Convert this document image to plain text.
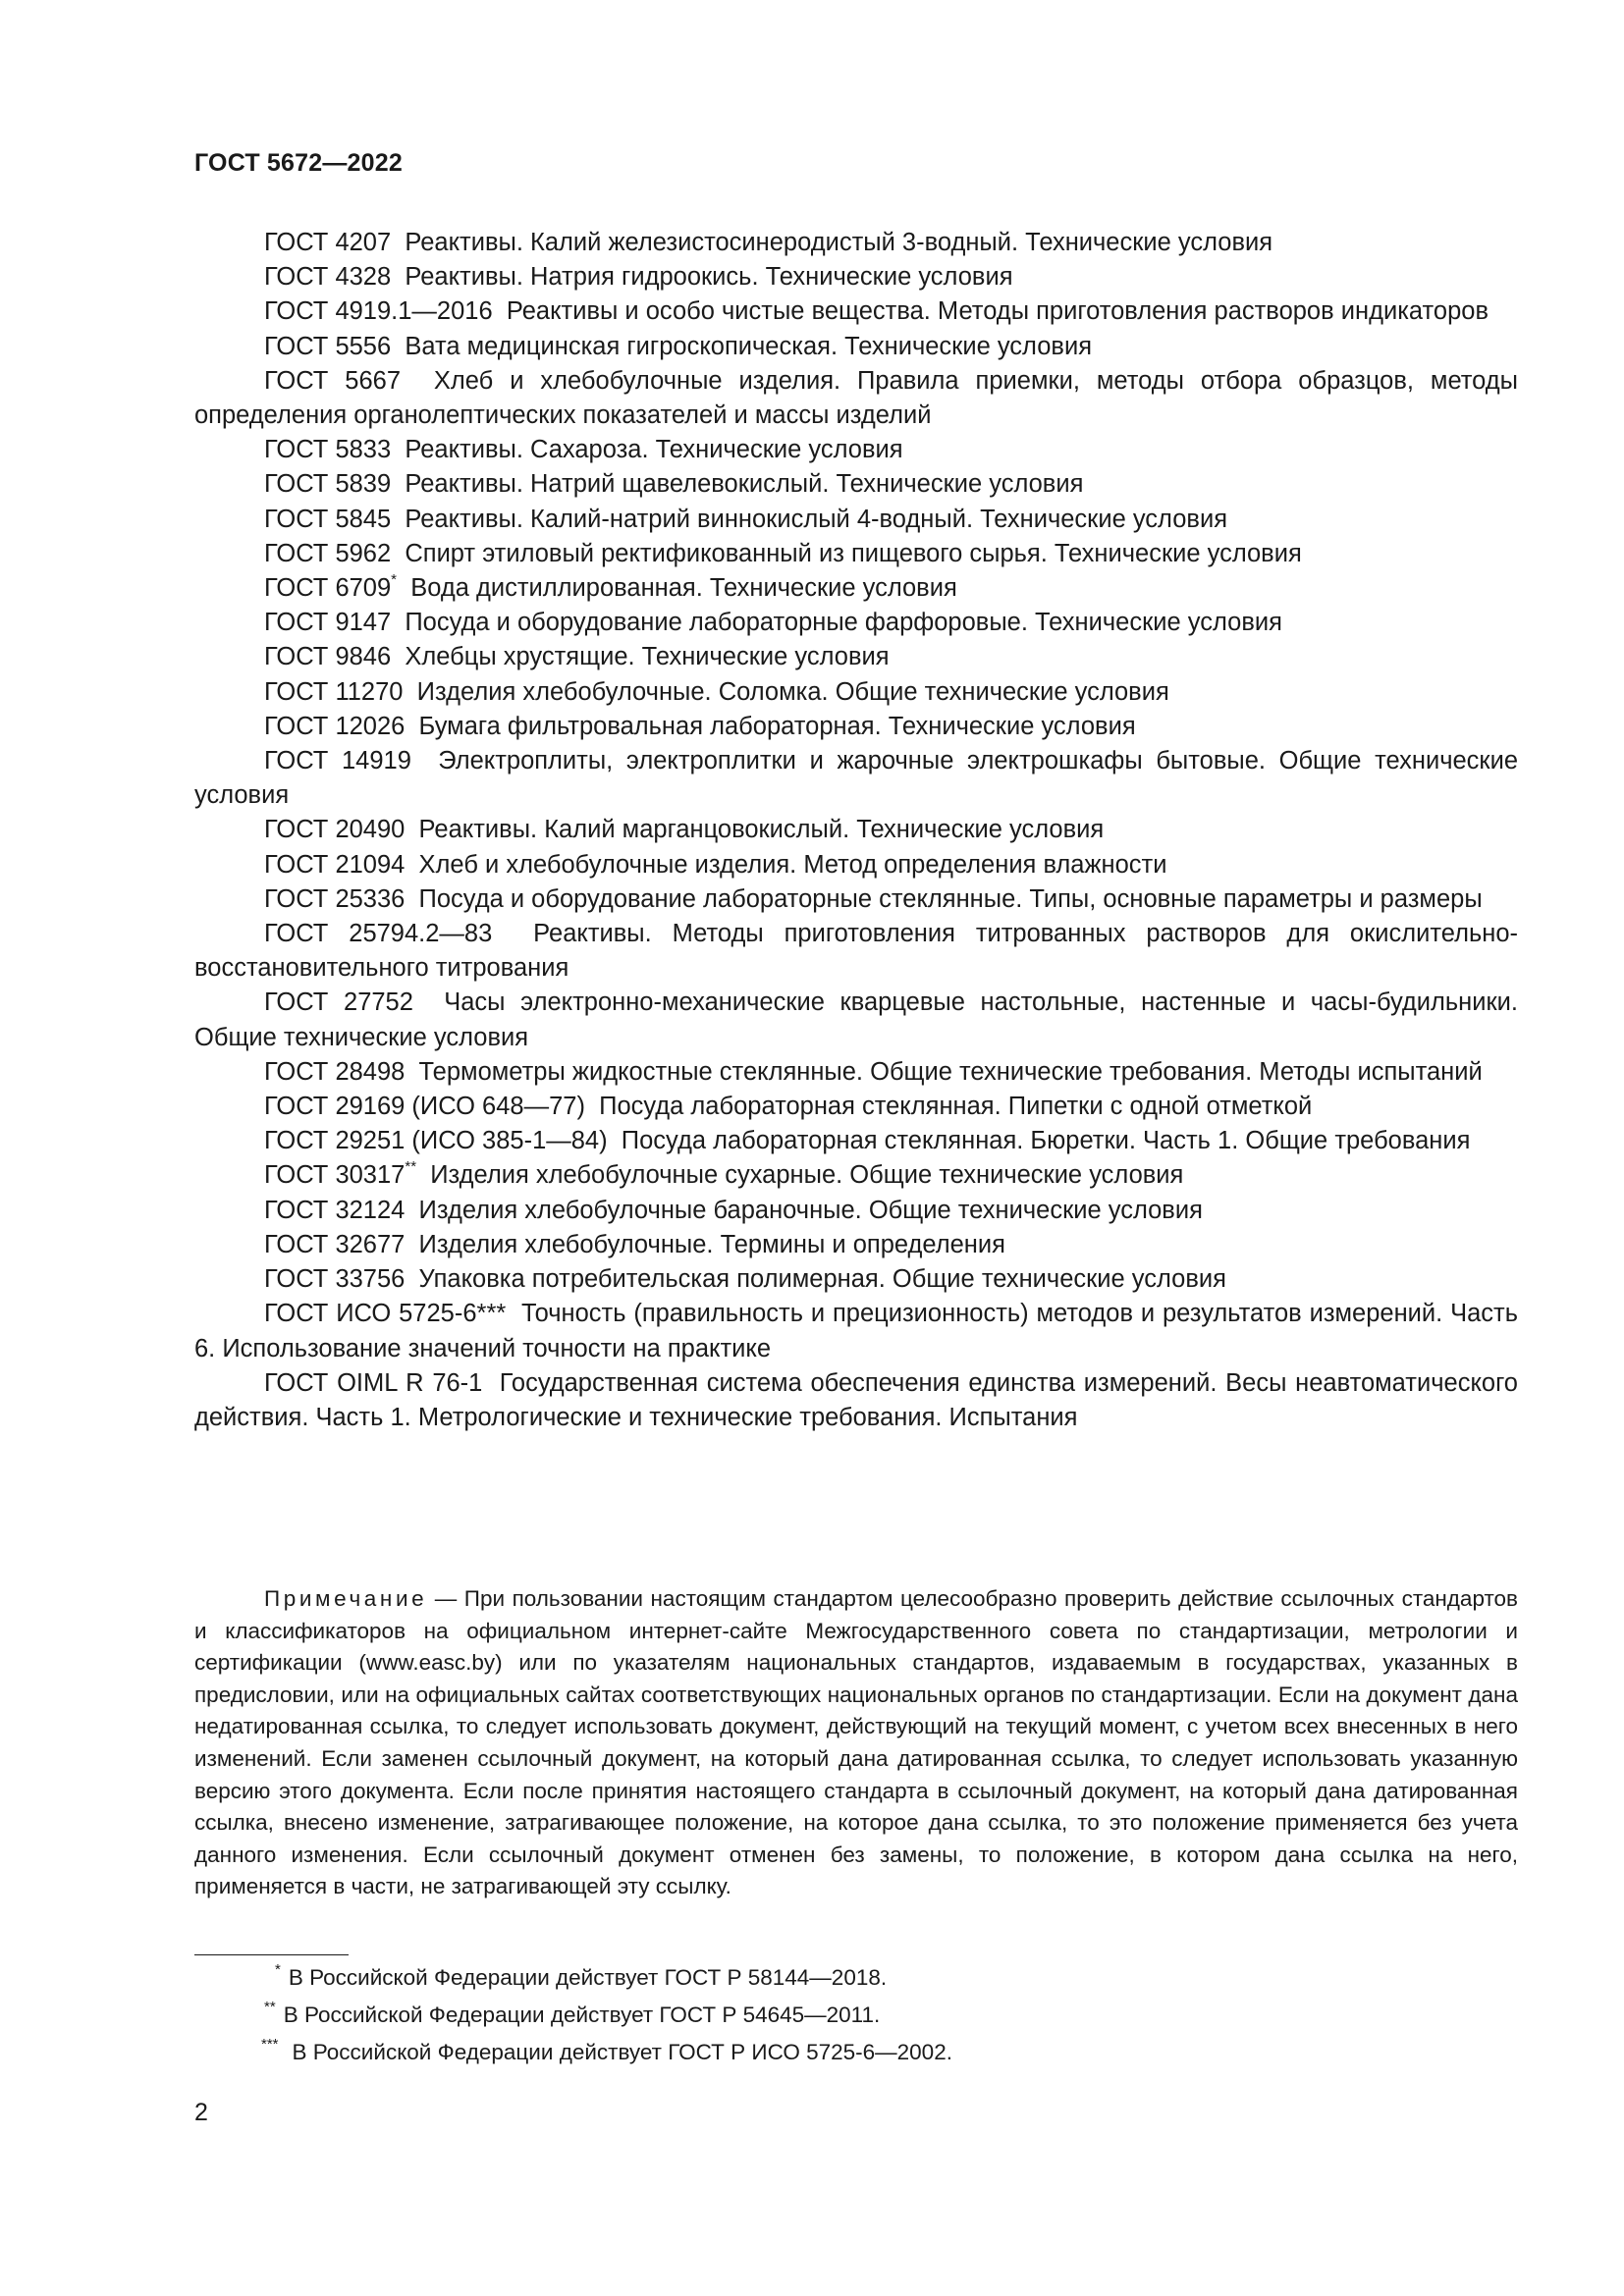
ГОСТ 5672—2022

ГОСТ 4207 Реактивы. Калий железистосинеродистый 3-водный. Технические условия

ГОСТ 4328 Реактивы. Натрия гидроокись. Технические условия

ГОСТ 4919.1—2016 Реактивы и особо чистые вещества. Методы приготовления растворов индикаторов

ГОСТ 5556 Вата медицинская гигроскопическая. Технические условия

ГОСТ 5667 Хлеб и хлебобулочные изделия. Правила приемки, методы отбора образцов, методы определения органолептических показателей и массы изделий

ГОСТ 5833 Реактивы. Сахароза. Технические условия

ГОСТ 5839 Реактивы. Натрий щавелевокислый. Технические условия

ГОСТ 5845 Реактивы. Калий-натрий виннокислый 4-водный. Технические условия

ГОСТ 5962 Спирт этиловый ректификованный из пищевого сырья. Технические условия

ГОСТ 6709* Вода дистиллированная. Технические условия

ГОСТ 9147 Посуда и оборудование лабораторные фарфоровые. Технические условия

ГОСТ 9846 Хлебцы хрустящие. Технические условия

ГОСТ 11270 Изделия хлебобулочные. Соломка. Общие технические условия

ГОСТ 12026 Бумага фильтровальная лабораторная. Технические условия

ГОСТ 14919 Электроплиты, электроплитки и жарочные электрошкафы бытовые. Общие технические условия

ГОСТ 20490 Реактивы. Калий марганцовокислый. Технические условия

ГОСТ 21094 Хлеб и хлебобулочные изделия. Метод определения влажности

ГОСТ 25336 Посуда и оборудование лабораторные стеклянные. Типы, основные параметры и размеры

ГОСТ 25794.2—83 Реактивы. Методы приготовления титрованных растворов для окислительно-восстановительного титрования

ГОСТ 27752 Часы электронно-механические кварцевые настольные, настенные и часы-будильники. Общие технические условия

ГОСТ 28498 Термометры жидкостные стеклянные. Общие технические требования. Методы испытаний

ГОСТ 29169 (ИСО 648—77) Посуда лабораторная стеклянная. Пипетки с одной отметкой

ГОСТ 29251 (ИСО 385-1—84) Посуда лабораторная стеклянная. Бюретки. Часть 1. Общие требования

ГОСТ 30317** Изделия хлебобулочные сухарные. Общие технические условия

ГОСТ 32124 Изделия хлебобулочные бараночные. Общие технические условия

ГОСТ 32677 Изделия хлебобулочные. Термины и определения

ГОСТ 33756 Упаковка потребительская полимерная. Общие технические условия

ГОСТ ИСО 5725-6*** Точность (правильность и прецизионность) методов и результатов измерений. Часть 6. Использование значений точности на практике

ГОСТ OIML R 76-1 Государственная система обеспечения единства измерений. Весы неавтоматического действия. Часть 1. Метрологические и технические требования. Испытания

Примечание — При пользовании настоящим стандартом целесообразно проверить действие ссылочных стандартов и классификаторов на официальном интернет-сайте Межгосударственного совета по стандартизации, метрологии и сертификации (www.easc.by) или по указателям национальных стандартов, издаваемым в государствах, указанных в предисловии, или на официальных сайтах соответствующих национальных органов по стандартизации. Если на документ дана недатированная ссылка, то следует использовать документ, действующий на текущий момент, с учетом всех внесенных в него изменений. Если заменен ссылочный документ, на который дана датированная ссылка, то следует использовать указанную версию этого документа. Если после принятия настоящего стандарта в ссылочный документ, на который дана датированная ссылка, внесено изменение, затрагивающее положение, на которое дана ссылка, то это положение применяется без учета данного изменения. Если ссылочный документ отменен без замены, то положение, в котором дана ссылка на него, применяется в части, не затрагивающей эту ссылку.

* В Российской Федерации действует ГОСТ Р 58144—2018.

** В Российской Федерации действует ГОСТ Р 54645—2011.

*** В Российской Федерации действует ГОСТ Р ИСО 5725-6—2002.

2
